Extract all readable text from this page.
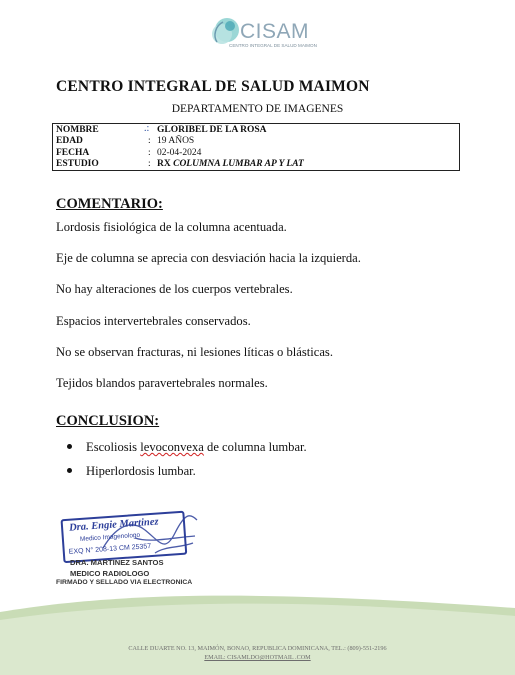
CISAM
CENTRO INTEGRAL DE SALUD MAIMON
CENTRO INTEGRAL DE SALUD MAIMON
DEPARTAMENTO DE IMAGENES
NOMBRE	.: GLORIBEL DE LA ROSA
EDAD	: 19 AÑOS
FECHA	: 02-04-2024
ESTUDIO	: RX COLUMNA LUMBAR AP Y LAT
COMENTARIO:
Lordosis fisiológica de la columna acentuada.
Eje de columna se aprecia con desviación hacia la izquierda.
No hay alteraciones de los cuerpos vertebrales.
Espacios intervertebrales conservados.
No se observan fracturas, ni lesiones líticas o blásticas.
Tejidos blandos paravertebrales normales.
CONCLUSION:
Escoliosis levoconvexa de columna lumbar.
Hiperlordosis lumbar.
Dra. Engie Martinez
Medico Imagenologo
EXQ N° 208-13 CM 25357
DRA. MARTINEZ SANTOS
MEDICO RADIOLOGO
FIRMADO Y SELLADO VIA ELECTRONICA
CALLE DUARTE NO. 13, MAIMÓN, BONAO, REPUBLICA DOMINICANA, TEL.: (809)-551-2196
EMAIL: CISAMLDO@HOTMAIL .COM
